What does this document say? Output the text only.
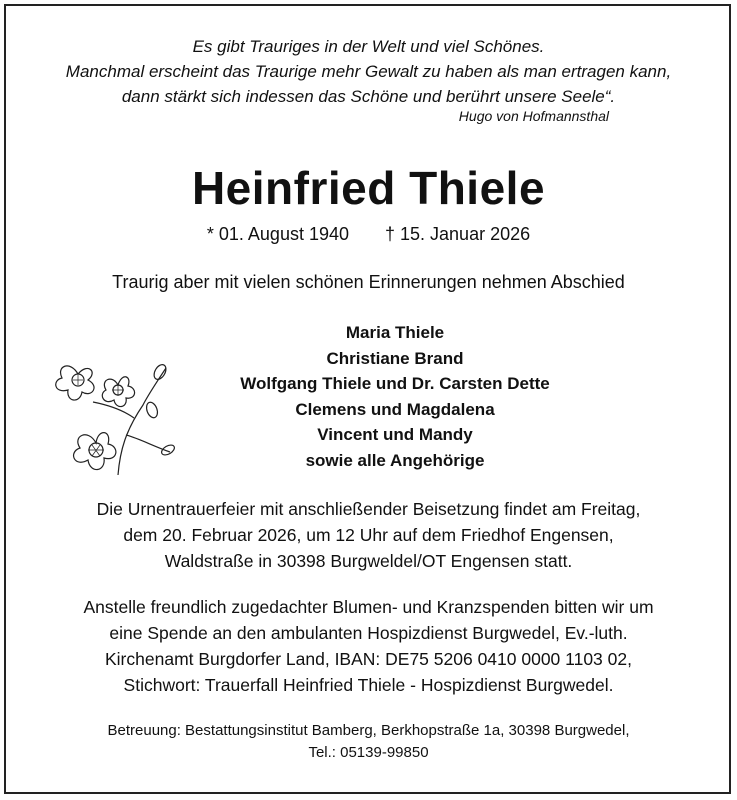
Es gibt Trauriges in der Welt und viel Schönes.
Manchmal erscheint das Traurige mehr Gewalt zu haben als man ertragen kann,
dann stärkt sich indessen das Schöne und berührt unsere Seele“.
Hugo von Hofmannsthal
Heinfried Thiele
* 01. August 1940 † 15. Januar 2026
Traurig aber mit vielen schönen Erinnerungen nehmen Abschied
Maria Thiele
Christiane Brand
Wolfgang Thiele und Dr. Carsten Dette
Clemens und Magdalena
Vincent und Mandy
sowie alle Angehörige
Die Urnentrauerfeier mit anschließender Beisetzung findet am Freitag,
dem 20. Februar 2026, um 12 Uhr auf dem Friedhof Engensen,
Waldstraße in 30398 Burgweldel/OT Engensen statt.
Anstelle freundlich zugedachter Blumen- und Kranzspenden bitten wir um
eine Spende an den ambulanten Hospizdienst Burgwedel, Ev.-luth.
Kirchenamt Burgdorfer Land, IBAN: DE75 5206 0410 0000 1103 02,
Stichwort: Trauerfall Heinfried Thiele - Hospizdienst Burgwedel.
Betreuung: Bestattungsinstitut Bamberg, Berkhopstraße 1a, 30398 Burgwedel,
Tel.: 05139-99850
